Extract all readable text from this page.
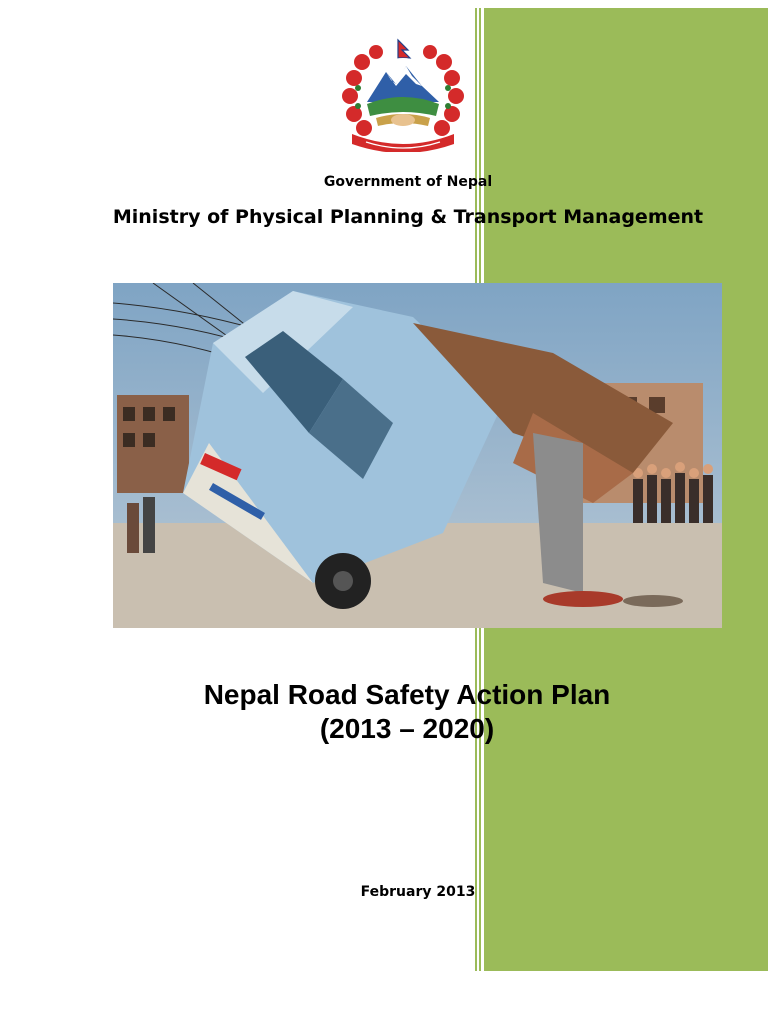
Government of Nepal
Ministry of Physical Planning & Transport Management
Nepal Road Safety Action Plan
(2013 – 2020)
February 2013
